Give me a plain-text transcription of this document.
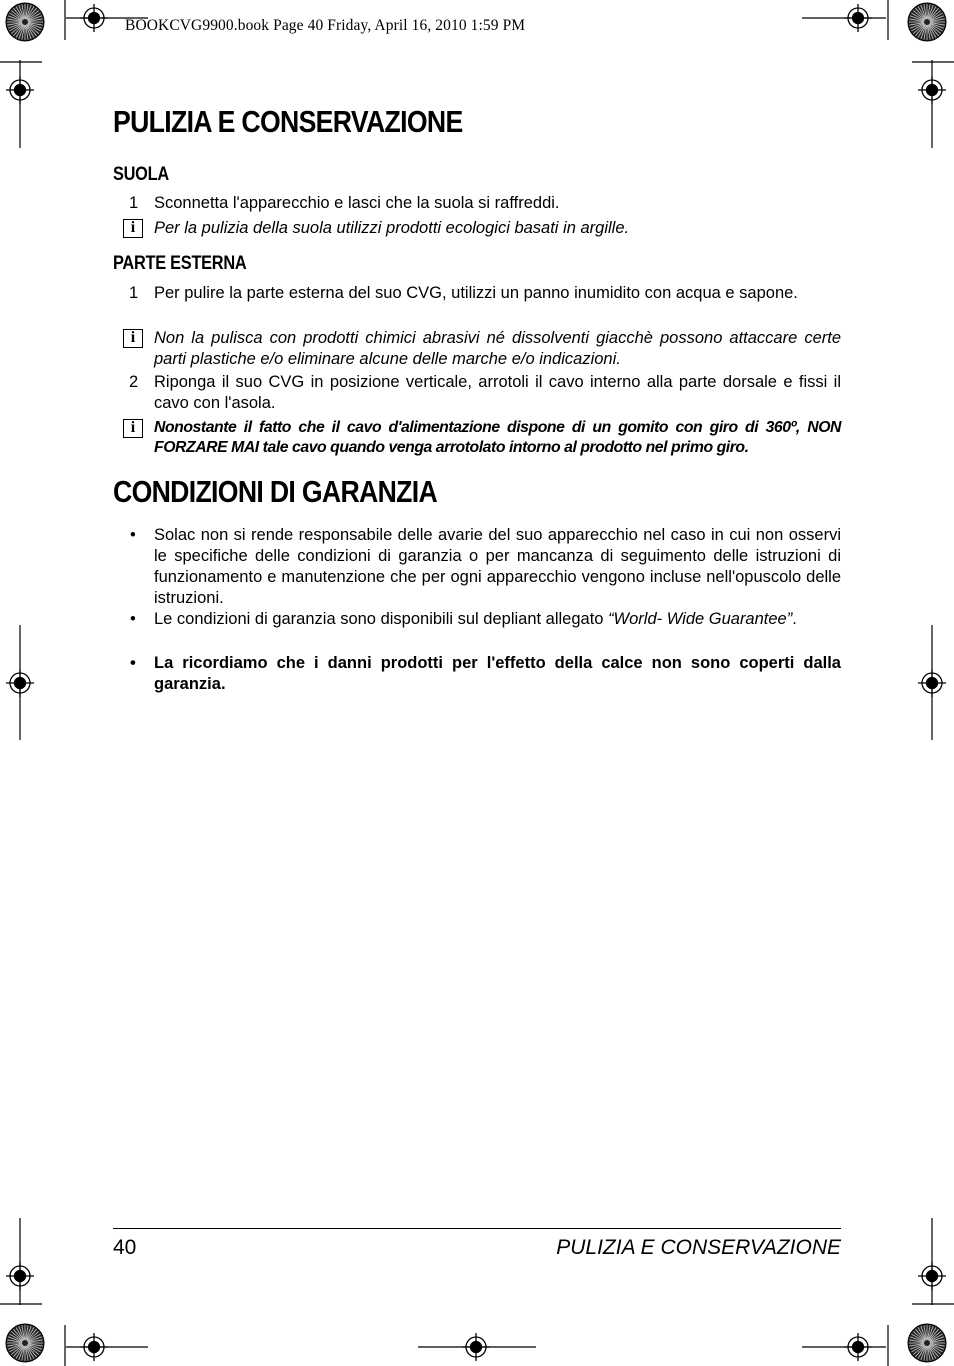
BOOKCVG9900.book Page 40 Friday, April 16, 2010 1:59 PM
PULIZIA E CONSERVAZIONE
SUOLA
1 Sconnetta l'apparecchio e lasci che la suola si raffreddi.
i	Per la pulizia della suola utilizzi prodotti ecologici basati in argille.
PARTE ESTERNA
1 Per pulire la parte esterna del suo CVG, utilizzi un panno inumidito con acqua e sapone.
i	Non la pulisca con prodotti chimici abrasivi né dissolventi giacchè possono attaccare certe parti plastiche e/o eliminare alcune delle marche e/o indicazioni.
2 Riponga il suo CVG in posizione verticale, arrotoli il cavo interno alla parte dorsale e fissi il cavo con l'asola.
i	Nonostante il fatto che il cavo d'alimentazione dispone di un gomito con giro di 360º, NON FORZARE MAI tale cavo quando venga arrotolato intorno al prodotto nel primo giro.
CONDIZIONI DI GARANZIA
• Solac non si rende responsabile delle avarie del suo apparecchio nel caso in cui non osservi le specifiche delle condizioni di garanzia o per mancanza di seguimento delle istruzioni di funzionamento e manutenzione che per ogni apparecchio vengono incluse nell'opuscolo delle istruzioni.
• Le condizioni di garanzia sono disponibili sul depliant allegato “World- Wide Guarantee”.
• La ricordiamo che i danni prodotti per l'effetto della calce non sono coperti dalla garanzia.
40	PULIZIA E CONSERVAZIONE
